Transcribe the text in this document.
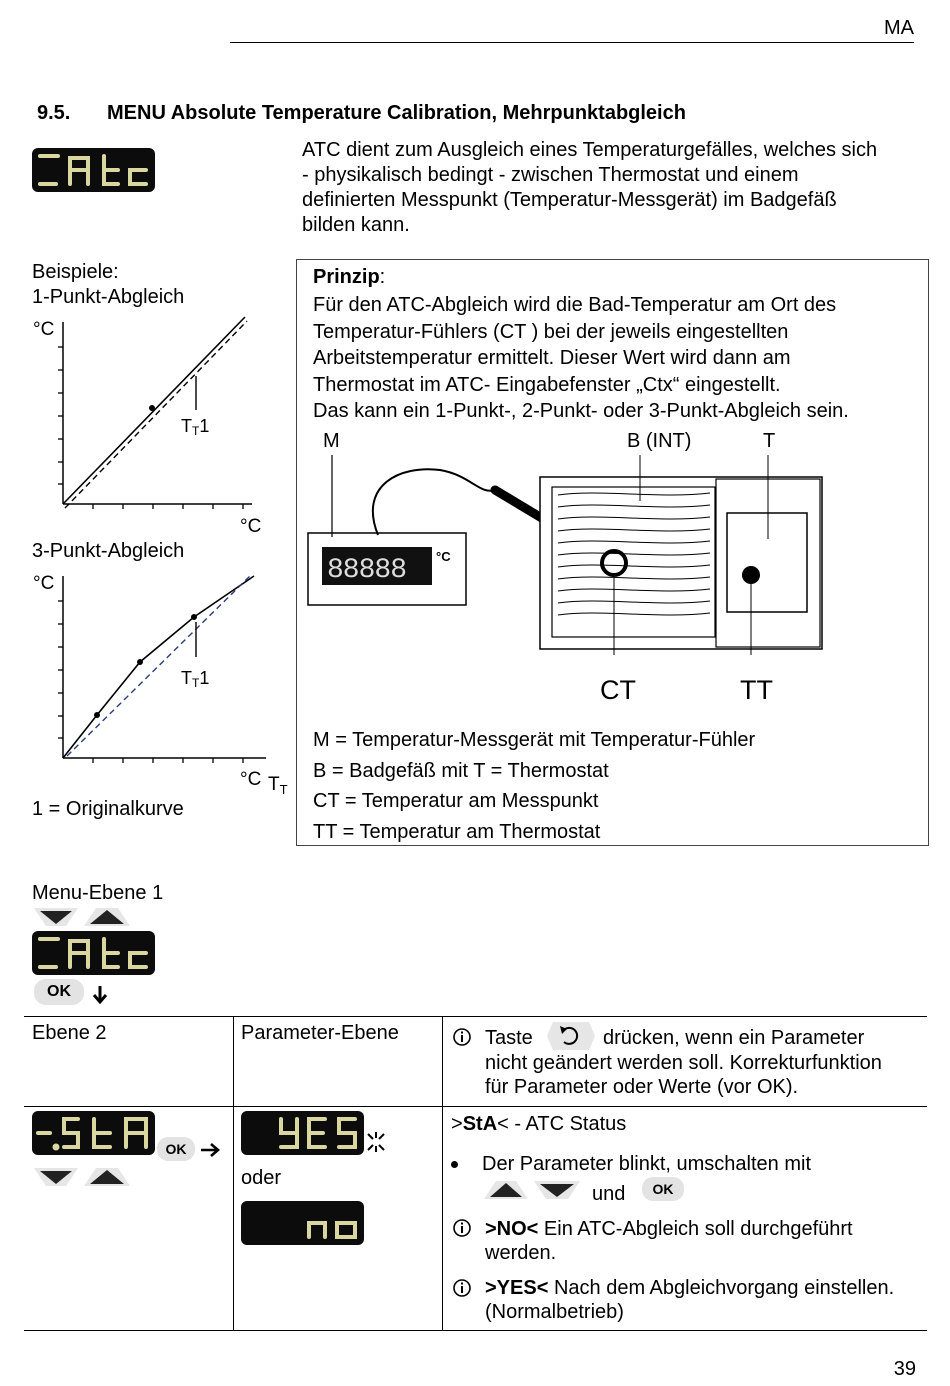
MA
9.5. MENU Absolute Temperature Calibration, Mehrpunktabgleich
ATC dient zum Ausgleich eines Temperaturgefälles, welches sich
- physikalisch bedingt - zwischen Thermostat und einem
definierten Messpunkt (Temperatur-Messgerät) im Badgefäß
bilden kann.
Beispiele:
1-Punkt-Abgleich
°C
TT1
°C
3-Punkt-Abgleich
°C
TT1
°C $T_T$
1 = Originalkurve
Prinzip:
Für den ATC-Abgleich wird die Bad-Temperatur am Ort des
Temperatur-Fühlers (CT ) bei der jeweils eingestellten
Arbeitstemperatur ermittelt. Dieser Wert wird dann am
Thermostat im ATC- Eingabefenster „Ctx“ eingestellt.
Das kann ein 1-Punkt-, 2-Punkt- oder 3-Punkt-Abgleich sein.
M	B (INT)	T
88888 °C
CT	TT
M = Temperatur-Messgerät mit Temperatur-Fühler
B = Badgefäß mit T = Thermostat
CT = Temperatur am Messpunkt
TT = Temperatur am Thermostat
Menu-Ebene 1
OK
Ebene 2	Parameter-Ebene	Taste	drücken, wenn ein Parameter
nicht geändert werden soll. Korrekturfunktion
für Parameter oder Werte (vor OK).
OK
oder
>StA< - ATC Status
Der Parameter blinkt, umschalten mit
und	OK
>NO< Ein ATC-Abgleich soll durchgeführt
werden.
>YES< Nach dem Abgleichvorgang einstellen.
(Normalbetrieb)
39
